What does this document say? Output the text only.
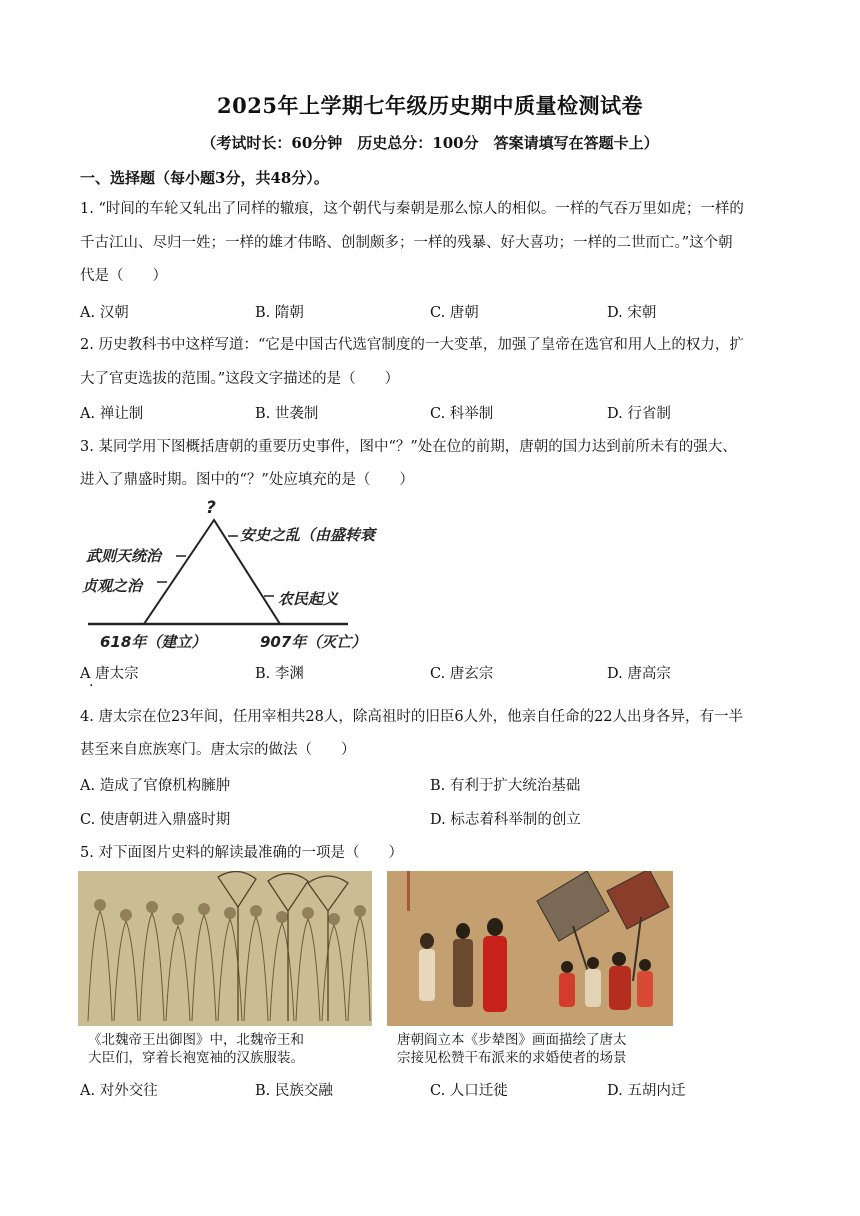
2025年上学期七年级历史期中质量检测试卷
（考试时长：60分钟　历史总分：100分　答案请填写在答题卡上）
一、选择题（每小题3分，共48分）。
1. “时间的车轮又轧出了同样的辙痕，这个朝代与秦朝是那么惊人的相似。一样的气吞万里如虎；一样的
千古江山、尽归一姓；一样的雄才伟略、创制颇多；一样的残暴、好大喜功；一样的二世而亡。”这个朝
代是（　　）
A. 汉朝	B. 隋朝	C. 唐朝	D. 宋朝
2. 历史教科书中这样写道：“它是中国古代选官制度的一大变革，加强了皇帝在选官和用人上的权力，扩
大了官吏选拔的范围。”这段文字描述的是（　　）
A. 禅让制	B. 世袭制	C. 科举制	D. 行省制
3. 某同学用下图概括唐朝的重要历史事件，图中“？”处在位的前期，唐朝的国力达到前所未有的强大、
进入了鼎盛时期。图中的“？”处应填充的是（　　）
?
武则天统治
贞观之治
安史之乱（由盛转衰
农民起义
618年（建立）	907年（灭亡）
A 唐太宗
·
B. 李渊	C. 唐玄宗	D. 唐高宗
4. 唐太宗在位23年间，任用宰相共28人，除高祖时的旧臣6人外，他亲自任命的22人出身各异，有一半
甚至来自庶族寒门。唐太宗的做法（　　）
A. 造成了官僚机构臃肿	B. 有利于扩大统治基础
C. 使唐朝进入鼎盛时期	D. 标志着科举制的创立
5. 对下面图片史料的解读最准确的一项是（　　）
《北魏帝王出御图》中，北魏帝王和
大臣们，穿着长袍宽袖的汉族服装。
唐朝阎立本《步辇图》画面描绘了唐太
宗接见松赞干布派来的求婚使者的场景
A. 对外交往	B. 民族交融	C. 人口迁徙	D. 五胡内迁
